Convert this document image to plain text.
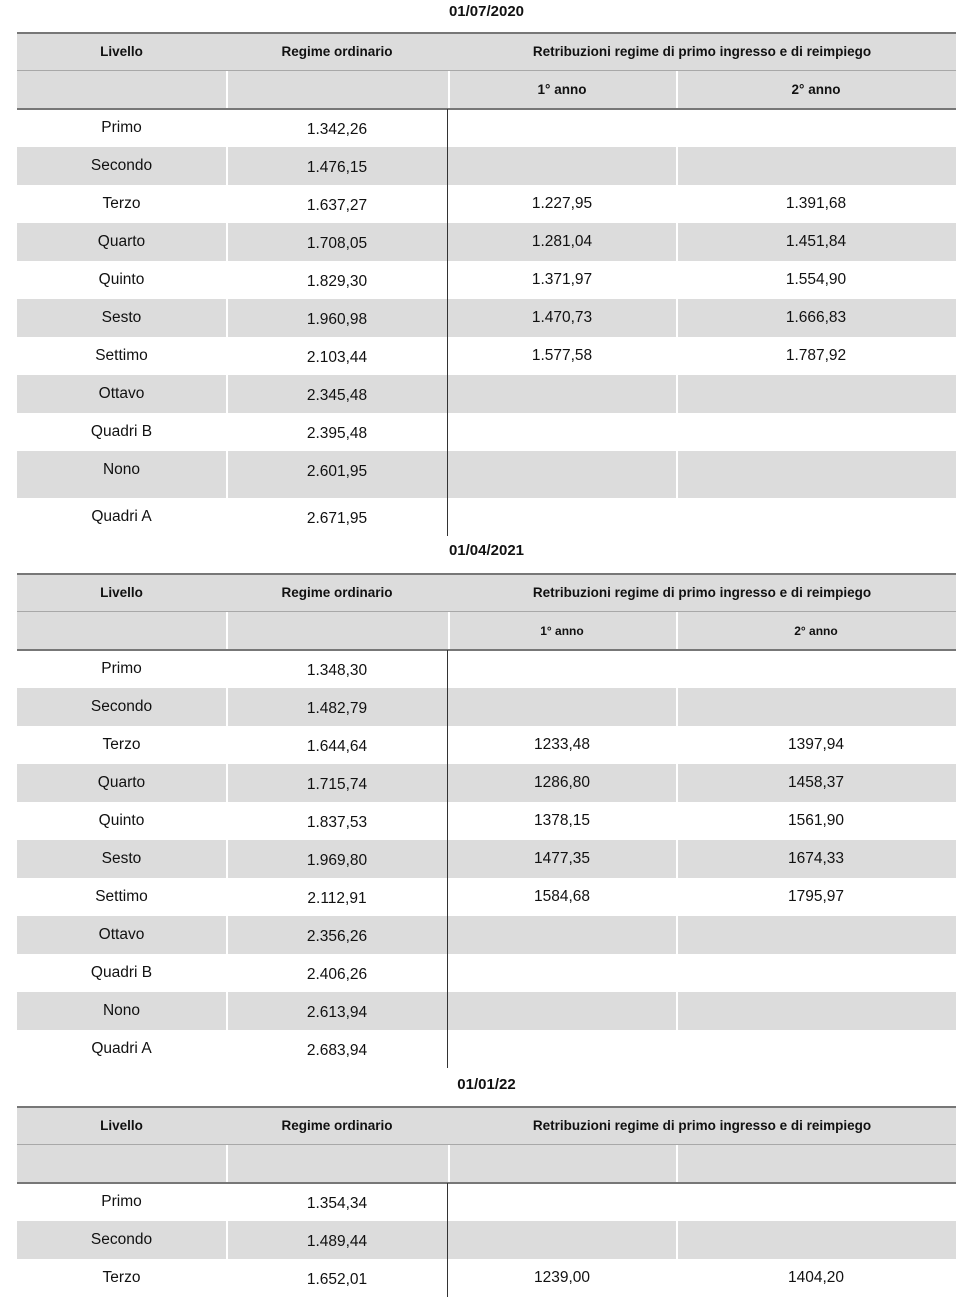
01/07/2020
Livello	Regime ordinario	Retribuzioni regime di primo ingresso e di reimpiego
1° anno	2° anno
Primo	1.342,26
Secondo	1.476,15
Terzo	1.637,27	1.227,95	1.391,68
Quarto	1.708,05	1.281,04	1.451,84
Quinto	1.829,30	1.371,97	1.554,90
Sesto	1.960,98	1.470,73	1.666,83
Settimo	2.103,44	1.577,58	1.787,92
Ottavo	2.345,48
Quadri B	2.395,48
Nono	2.601,95
Quadri A	2.671,95
01/04/2021
Livello	Regime ordinario	Retribuzioni regime di primo ingresso e di reimpiego
1° anno	2° anno
Primo	1.348,30
Secondo	1.482,79
Terzo	1.644,64	1233,48	1397,94
Quarto	1.715,74	1286,80	1458,37
Quinto	1.837,53	1378,15	1561,90
Sesto	1.969,80	1477,35	1674,33
Settimo	2.112,91	1584,68	1795,97
Ottavo	2.356,26
Quadri B	2.406,26
Nono	2.613,94
Quadri A	2.683,94
01/01/22
Livello	Regime ordinario	Retribuzioni regime di primo ingresso e di reimpiego
Primo	1.354,34
Secondo	1.489,44
Terzo	1.652,01	1239,00	1404,20
